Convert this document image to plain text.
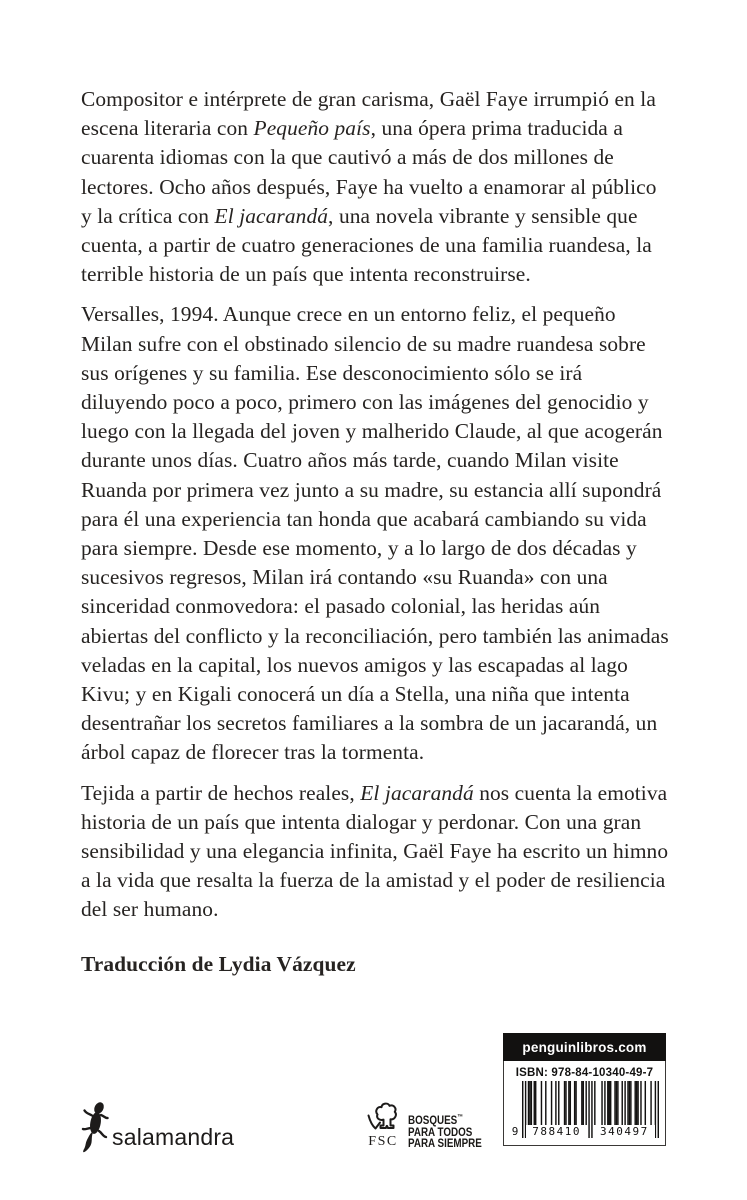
Compositor e intérprete de gran carisma, Gaël Faye irrumpió en la escena literaria con Pequeño país, una ópera prima traducida a cuarenta idiomas con la que cautivó a más de dos millones de lectores. Ocho años después, Faye ha vuelto a enamorar al público y la crítica con El jacarandá, una novela vibrante y sensible que cuenta, a partir de cuatro generaciones de una familia ruandesa, la terrible historia de un país que intenta reconstruirse.

Versalles, 1994. Aunque crece en un entorno feliz, el pequeño Milan sufre con el obstinado silencio de su madre ruandesa sobre sus orígenes y su familia. Ese desconocimiento sólo se irá diluyendo poco a poco, primero con las imágenes del genocidio y luego con la llegada del joven y malherido Claude, al que acogerán durante unos días. Cuatro años más tarde, cuando Milan visite Ruanda por primera vez junto a su madre, su estancia allí supondrá para él una experiencia tan honda que acabará cambiando su vida para siempre. Desde ese momento, y a lo largo de dos décadas y sucesivos regresos, Milan irá contando «su Ruanda» con una sinceridad conmovedora: el pasado colonial, las heridas aún abiertas del conflicto y la reconciliación, pero también las animadas veladas en la capital, los nuevos amigos y las escapadas al lago Kivu; y en Kigali conocerá un día a Stella, una niña que intenta desentrañar los secretos familiares a la sombra de un jacarandá, un árbol capaz de florecer tras la tormenta.

Tejida a partir de hechos reales, El jacarandá nos cuenta la emotiva historia de un país que intenta dialogar y perdonar. Con una gran sensibilidad y una elegancia infinita, Gaël Faye ha escrito un himno a la vida que resalta la fuerza de la amistad y el poder de resiliencia del ser humano.

Traducción de Lydia Vázquez
salamandra	FSC
BOSQUES™
PARA TODOS
PARA SIEMPRE
penguinlibros.com
ISBN: 978-84-10340-49-7
9	788410	340497
